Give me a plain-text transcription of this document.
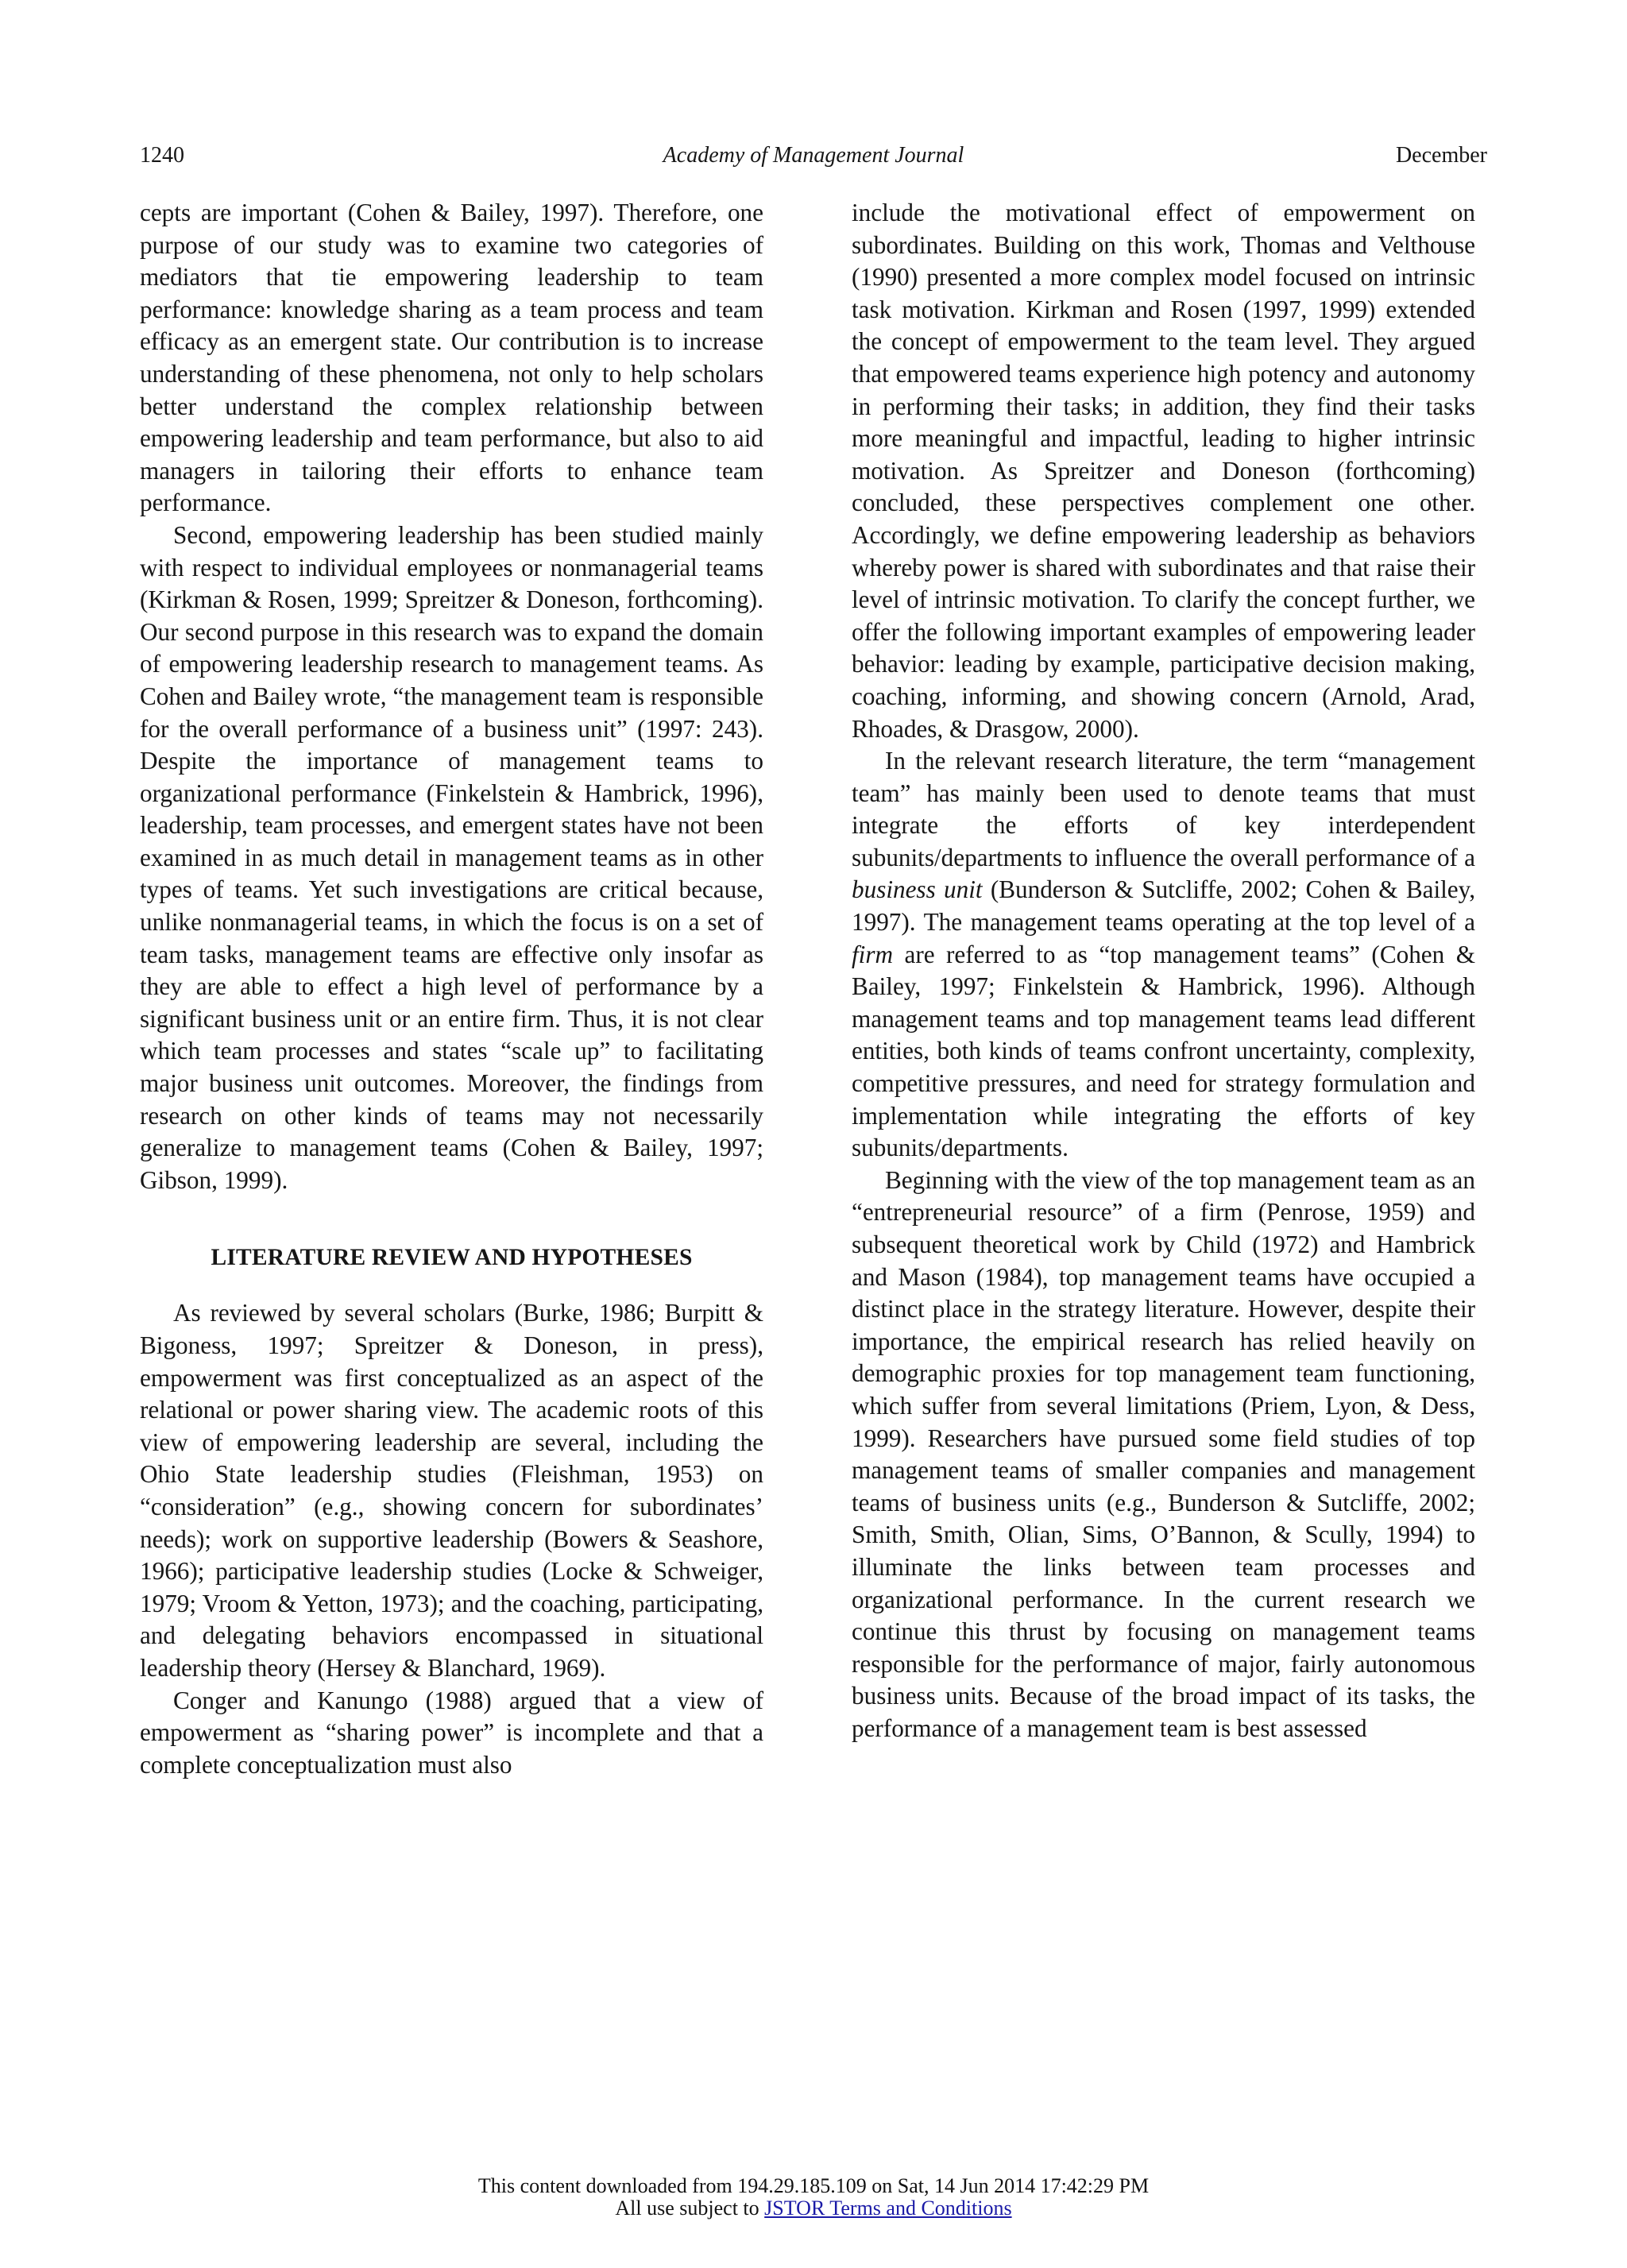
1240	Academy of Management Journal	December

cepts are important (Cohen & Bailey, 1997). Therefore, one purpose of our study was to examine two categories of mediators that tie empowering leadership to team performance: knowledge sharing as a team process and team efficacy as an emergent state. Our contribution is to increase understanding of these phenomena, not only to help scholars better understand the complex relationship between empowering leadership and team performance, but also to aid managers in tailoring their efforts to enhance team performance.

Second, empowering leadership has been studied mainly with respect to individual employees or nonmanagerial teams (Kirkman & Rosen, 1999; Spreitzer & Doneson, forthcoming). Our second purpose in this research was to expand the domain of empowering leadership research to management teams. As Cohen and Bailey wrote, “the management team is responsible for the overall performance of a business unit” (1997: 243). Despite the importance of management teams to organizational performance (Finkelstein & Hambrick, 1996), leadership, team processes, and emergent states have not been examined in as much detail in management teams as in other types of teams. Yet such investigations are critical because, unlike nonmanagerial teams, in which the focus is on a set of team tasks, management teams are effective only insofar as they are able to effect a high level of performance by a significant business unit or an entire firm. Thus, it is not clear which team processes and states “scale up” to facilitating major business unit outcomes. Moreover, the findings from research on other kinds of teams may not necessarily generalize to management teams (Cohen & Bailey, 1997; Gibson, 1999).

LITERATURE REVIEW AND HYPOTHESES

As reviewed by several scholars (Burke, 1986; Burpitt & Bigoness, 1997; Spreitzer & Doneson, in press), empowerment was first conceptualized as an aspect of the relational or power sharing view. The academic roots of this view of empowering leadership are several, including the Ohio State leadership studies (Fleishman, 1953) on “consideration” (e.g., showing concern for subordinates’ needs); work on supportive leadership (Bowers & Seashore, 1966); participative leadership studies (Locke & Schweiger, 1979; Vroom & Yetton, 1973); and the coaching, participating, and delegating behaviors encompassed in situational leadership theory (Hersey & Blanchard, 1969).

Conger and Kanungo (1988) argued that a view of empowerment as “sharing power” is incomplete and that a complete conceptualization must also

include the motivational effect of empowerment on subordinates. Building on this work, Thomas and Velthouse (1990) presented a more complex model focused on intrinsic task motivation. Kirkman and Rosen (1997, 1999) extended the concept of empowerment to the team level. They argued that empowered teams experience high potency and autonomy in performing their tasks; in addition, they find their tasks more meaningful and impactful, leading to higher intrinsic motivation. As Spreitzer and Doneson (forthcoming) concluded, these perspectives complement one other. Accordingly, we define empowering leadership as behaviors whereby power is shared with subordinates and that raise their level of intrinsic motivation. To clarify the concept further, we offer the following important examples of empowering leader behavior: leading by example, participative decision making, coaching, informing, and showing concern (Arnold, Arad, Rhoades, & Drasgow, 2000).

In the relevant research literature, the term “management team” has mainly been used to denote teams that must integrate the efforts of key interdependent subunits/departments to influence the overall performance of a business unit (Bunderson & Sutcliffe, 2002; Cohen & Bailey, 1997). The management teams operating at the top level of a firm are referred to as “top management teams” (Cohen & Bailey, 1997; Finkelstein & Hambrick, 1996). Although management teams and top management teams lead different entities, both kinds of teams confront uncertainty, complexity, competitive pressures, and need for strategy formulation and implementation while integrating the efforts of key subunits/departments.

Beginning with the view of the top management team as an “entrepreneurial resource” of a firm (Penrose, 1959) and subsequent theoretical work by Child (1972) and Hambrick and Mason (1984), top management teams have occupied a distinct place in the strategy literature. However, despite their importance, the empirical research has relied heavily on demographic proxies for top management team functioning, which suffer from several limitations (Priem, Lyon, & Dess, 1999). Researchers have pursued some field studies of top management teams of smaller companies and management teams of business units (e.g., Bunderson & Sutcliffe, 2002; Smith, Smith, Olian, Sims, O’Bannon, & Scully, 1994) to illuminate the links between team processes and organizational performance. In the current research we continue this thrust by focusing on management teams responsible for the performance of major, fairly autonomous business units. Because of the broad impact of its tasks, the performance of a management team is best assessed

This content downloaded from 194.29.185.109 on Sat, 14 Jun 2014 17:42:29 PM
All use subject to JSTOR Terms and Conditions
